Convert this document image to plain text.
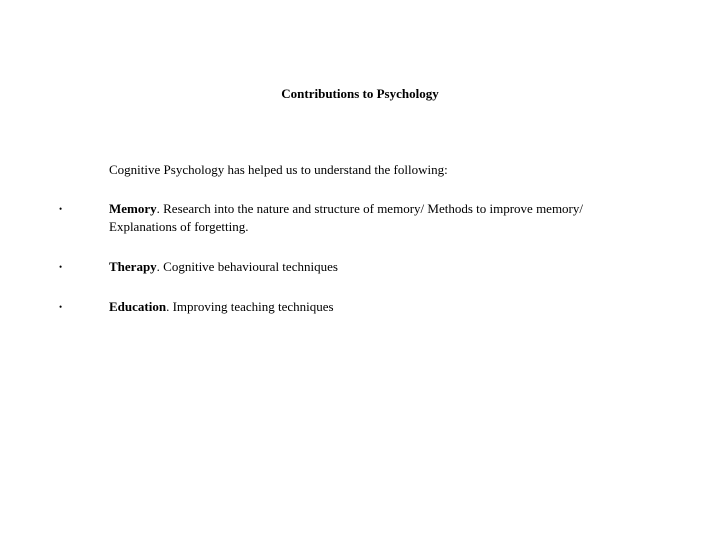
Contributions to Psychology
Cognitive Psychology has helped us to understand the following:
•	Memory. Research into the nature and structure of memory/ Methods to improve memory/ Explanations of forgetting.
•	Therapy. Cognitive behavioural techniques
•	Education. Improving teaching techniques
